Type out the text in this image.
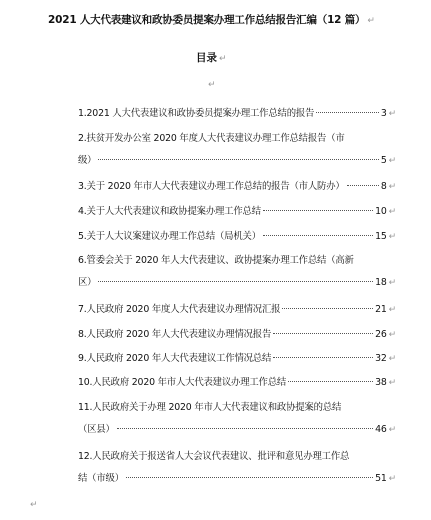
2021 人大代表建议和政协委员提案办理工作总结报告汇编（12 篇） ↵
目录 ↵
↵
1.2021 人大代表建议和政协委员提案办理工作总结的报告	3 ↵
2.扶贫开发办公室 2020 年度人大代表建议办理工作总结报告（市
级）	5 ↵
3.关于 2020 年市人大代表建议办理工作总结的报告（市人防办）	8 ↵
4.关于人大代表建议和政协提案办理工作总结	10 ↵
5.关于人大议案建议办理工作总结（局机关）	15 ↵
6.管委会关于 2020 年人大代表建议、政协提案办理工作总结（高新
区）	18 ↵
7.人民政府 2020 年度人大代表建议办理情况汇报	21 ↵
8.人民政府 2020 年人大代表建议办理情况报告	26 ↵
9.人民政府 2020 年人大代表建议工作情况总结	32 ↵
10.人民政府 2020 年市人大代表建议办理工作总结	38 ↵
11.人民政府关于办理 2020 年市人大代表建议和政协提案的总结
（区县）	46 ↵
12.人民政府关于报送省人大会议代表建议、批评和意见办理工作总
结（市级）	51 ↵
↵
